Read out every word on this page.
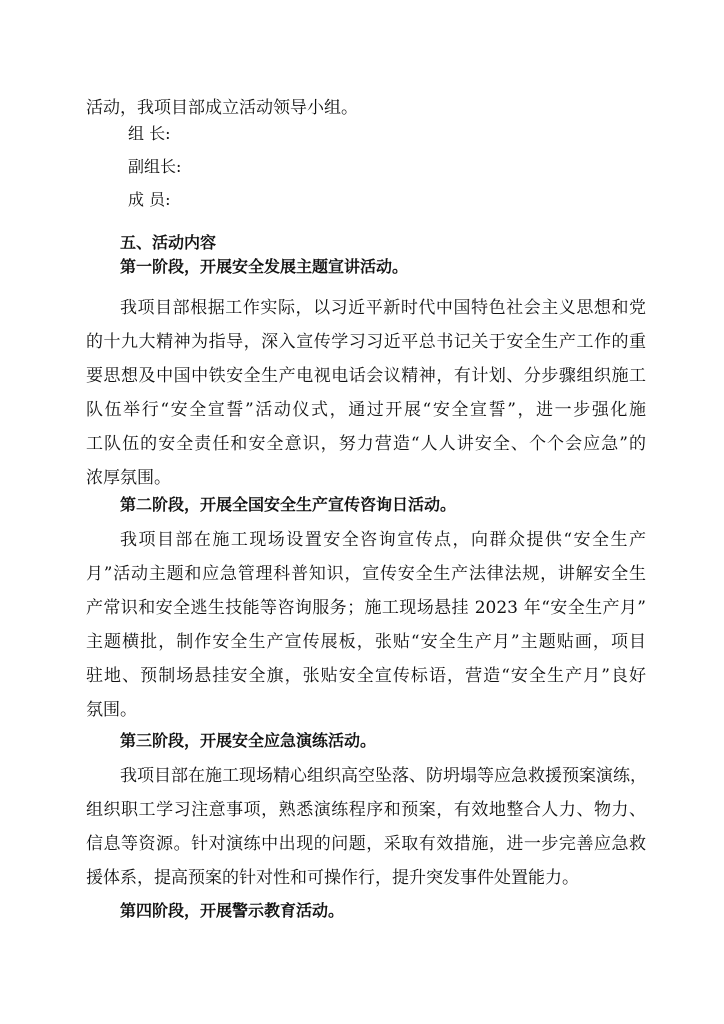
活动，我项目部成立活动领导小组。
组 长:
副组长:
成 员:
五、活动内容
第一阶段，开展安全发展主题宣讲活动。
我项目部根据工作实际，以习近平新时代中国特色社会主义思想和党
的十九大精神为指导，深入宣传学习习近平总书记关于安全生产工作的重
要思想及中国中铁安全生产电视电话会议精神，有计划、分步骤组织施工
队伍举行“安全宣誓”活动仪式，通过开展“安全宣誓”，进一步强化施
工队伍的安全责任和安全意识，努力营造“人人讲安全、个个会应急”的
浓厚氛围。
第二阶段，开展全国安全生产宣传咨询日活动。
我项目部在施工现场设置安全咨询宣传点，向群众提供“安全生产
月”活动主题和应急管理科普知识，宣传安全生产法律法规，讲解安全生
产常识和安全逃生技能等咨询服务；施工现场悬挂 2023 年“安全生产月”
主题横批，制作安全生产宣传展板，张贴“安全生产月”主题贴画，项目
驻地、预制场悬挂安全旗，张贴安全宣传标语，营造“安全生产月”良好
氛围。
第三阶段，开展安全应急演练活动。
我项目部在施工现场精心组织高空坠落、防坍塌等应急救援预案演练，
组织职工学习注意事项，熟悉演练程序和预案，有效地整合人力、物力、
信息等资源。针对演练中出现的问题，采取有效措施，进一步完善应急救
援体系，提高预案的针对性和可操作行，提升突发事件处置能力。
第四阶段，开展警示教育活动。
